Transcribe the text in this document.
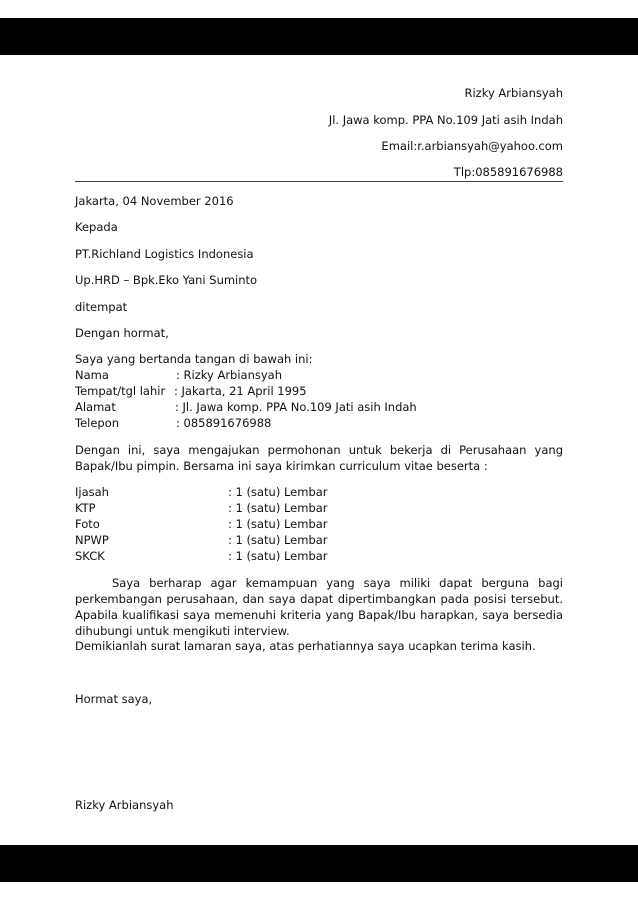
Rizky Arbiansyah
Jl. Jawa komp. PPA No.109 Jati asih Indah
Email:r.arbiansyah@yahoo.com
Tlp:085891676988
Jakarta, 04 November 2016
Kepada
PT.Richland Logistics Indonesia
Up.HRD – Bpk.Eko Yani Suminto
ditempat
Dengan hormat,
Saya yang bertanda tangan di bawah ini:
Nama	: Rizky Arbiansyah
Tempat/tgl lahir : Jakarta, 21 April 1995
Alamat	: Jl. Jawa komp. PPA No.109 Jati asih Indah
Telepon	: 085891676988
Dengan ini, saya mengajukan permohonan untuk bekerja di Perusahaan yang Bapak/Ibu pimpin. Bersama ini saya kirimkan curriculum vitae beserta :
Ijasah	: 1 (satu) Lembar
KTP	: 1 (satu) Lembar
Foto	: 1 (satu) Lembar
NPWP	: 1 (satu) Lembar
SKCK	: 1 (satu) Lembar
Saya berharap agar kemampuan yang saya miliki dapat berguna bagi perkembangan perusahaan, dan saya dapat dipertimbangkan pada posisi tersebut. Apabila kualifikasi saya memenuhi kriteria yang Bapak/Ibu harapkan, saya bersedia dihubungi untuk mengikuti interview.
Demikianlah surat lamaran saya, atas perhatiannya saya ucapkan terima kasih.
Hormat saya,
Rizky Arbiansyah
